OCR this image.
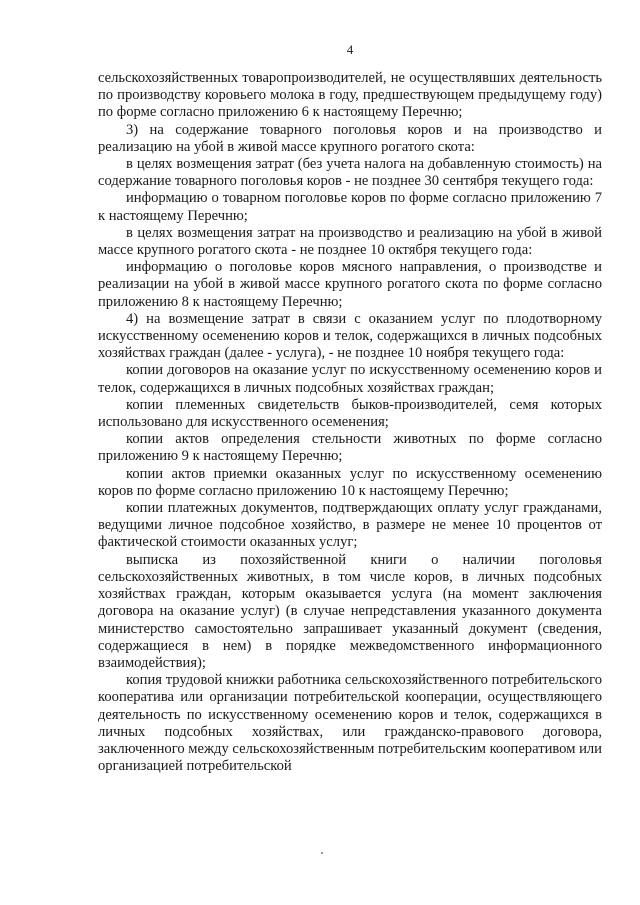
4

сельскохозяйственных товаропроизводителей, не осуществлявших деятельность по производству коровьего молока в году, предшествующем предыдущему году) по форме согласно приложению 6 к настоящему Перечню;

3) на содержание товарного поголовья коров и на производство и реализацию на убой в живой массе крупного рогатого скота:

в целях возмещения затрат (без учета налога на добавленную стоимость) на содержание товарного поголовья коров - не позднее 30 сентября текущего года:

информацию о товарном поголовье коров по форме согласно приложению 7 к настоящему Перечню;

в целях возмещения затрат на производство и реализацию на убой в живой массе крупного рогатого скота - не позднее 10 октября текущего года:

информацию о поголовье коров мясного направления, о производстве и реализации на убой в живой массе крупного рогатого скота по форме согласно приложению 8 к настоящему Перечню;

4) на возмещение затрат в связи с оказанием услуг по плодотворному искусственному осеменению коров и телок, содержащихся в личных подсобных хозяйствах граждан (далее - услуга), - не позднее 10 ноября текущего года:

копии договоров на оказание услуг по искусственному осеменению коров и телок, содержащихся в личных подсобных хозяйствах граждан;

копии племенных свидетельств быков-производителей, семя которых использовано для искусственного осеменения;

копии актов определения стельности животных по форме согласно приложению 9 к настоящему Перечню;

копии актов приемки оказанных услуг по искусственному осеменению коров по форме согласно приложению 10 к настоящему Перечню;

копии платежных документов, подтверждающих оплату услуг гражданами, ведущими личное подсобное хозяйство, в размере не менее 10 процентов от фактической стоимости оказанных услуг;

выписка из похозяйственной книги о наличии поголовья сельскохозяйственных животных, в том числе коров, в личных подсобных хозяйствах граждан, которым оказывается услуга (на момент заключения договора на оказание услуг) (в случае непредставления указанного документа министерство самостоятельно запрашивает указанный документ (сведения, содержащиеся в нем) в порядке межведомственного информационного взаимодействия);

копия трудовой книжки работника сельскохозяйственного потребительского кооператива или организации потребительской кооперации, осуществляющего деятельность по искусственному осеменению коров и телок, содержащихся в личных подсобных хозяйствах, или гражданско-правового договора, заключенного между сельскохозяйственным потребительским кооперативом или организацией потребительской
